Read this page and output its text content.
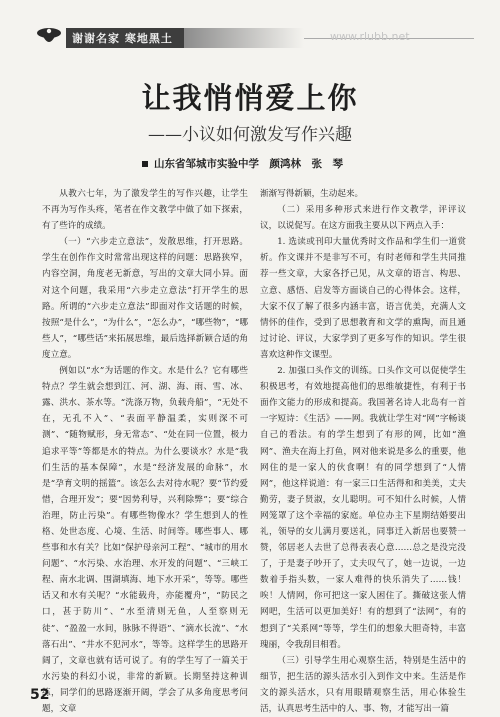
谢谢名家 寒地黑土	www.rlubb.net
让我悄悄爱上你
——小议如何激发写作兴趣
山东省邹城市实验中学　颜鸿林　张　琴

从教六七年，为了激发学生的写作兴趣，让学生不再为写作头疼，笔者在作文教学中做了如下探索，有了些许的成绩。

（一）“六步走立意法”，发散思维，打开思路。学生在创作作文时常常出现这样的问题：思路狭窄，内容空洞，角度老无新意，写出的文章大同小异。面对这个问题，我采用“六步走立意法”打开学生的思路。所谓的“六步走立意法”即面对作文话题的时候，按照“是什么”，“为什么”，“怎么办”，“哪些物”，“哪些人”，“哪些话”来拓展思维，最后选择新颖合适的角度立意。

例如以“水”为话题的作文。水是什么？它有哪些特点？学生就会想到江、河、湖、海、雨、雪、冰、露、洪水、茶水等。“洗涤万物，负载舟船”，“无处不在，无孔不入”、“表面平静温柔，实则深不可测”、“随物赋形，身无常态”、“处在同一位置，极力追求平等”等都是水的特点。为什么要谈水？水是“我们生活的基本保障”，水是“经济发展的命脉”，水是“孕育文明的摇篮”。该怎么去对待水呢？要“节约爱惜，合理开发”；要“因势利导，兴利除弊”；要“综合治理，防止污染”。有哪些物像水？学生想到人的性格、处世态度、心境、生活、时间等。哪些事人、哪些事和水有关？比如“保护母亲河工程”、“城市的用水问题”、“水污染、水治理、水开发的问题”、“三峡工程、南水北调、围湖填海、地下水开采”，等等。哪些话又和水有关呢？“水能载舟，亦能覆舟”，“防民之口，甚于防川”、“水至清则无鱼，人至察则无徒”、“盈盈一水间，脉脉不得语”、“滴水长流”、“水落石出”、“井水不犯河水”，等等。这样学生的思路开阔了，文章也就有话可说了。有的学生写了一篇关于水污染的科幻小说，非常的新颖。长期坚持这种训练，同学们的思路逐渐开阔，学会了从多角度思考问题，文章

渐渐写得新颖，生动起来。

（二）采用多种形式来进行作文教学，评评议议，以说促写。在这方面我主要从以下两点入手：

1. 选读或刊印大量优秀时文作品和学生们一道赏析。作文课并不是非写不可，有时老师和学生共同推荐一些文章，大家各抒己见，从文章的语言、构思、立意、感悟、启发等方面谈自己的心得体会。这样，大家不仅了解了很多内涵丰富，语言优美，充满人文情怀的佳作，受到了思想教育和文学的熏陶，而且通过讨论、评议，大家学到了更多写作的知识。学生很喜欢这种作文课型。

2. 加强口头作文的训练。口头作文可以促使学生积极思考，有效地提高他们的思维敏捷性，有利于书面作文能力的形成和提高。我国著名诗人北岛有一首一字短诗：《生活》——网。我就让学生对“网”字畅谈自己的看法。有的学生想到了有形的网，比如“渔网”、渔夫在海上打鱼，网对他来说是多么的重要，他网住的是一家人的伙食啊！有的同学想到了“人情网”，他这样说道：有一家三口生活得和和美美，丈夫勤劳，妻子贤淑，女儿聪明。可不知什么时候，人情网笼罩了这个幸福的家庭。单位办主下星期结婚要出礼，领导的女儿满月要送礼，同事迁入新居也要赞一赞，邻居老人去世了总得表表心意……总之是没完没了，于是妻子吵开了，丈夫叹气了，她一边说，一边数着手指头数，一家人难得的快乐消失了……钱！唉！人情网，你可把这一家人困住了。撕破这张人情网吧，生活可以更加美好！有的想到了“法网”，有的想到了“关系网”等等，学生们的想象大胆奇特，丰富瑰丽，令我刮目相看。

（三）引导学生用心观察生活，特别是生活中的细节，把生活的源头活水引入到作文中来。生活是作文的源头活水，只有用眼睛观察生活，用心体验生活，认真思考生活中的人、事、物，才能写出一篇

52
